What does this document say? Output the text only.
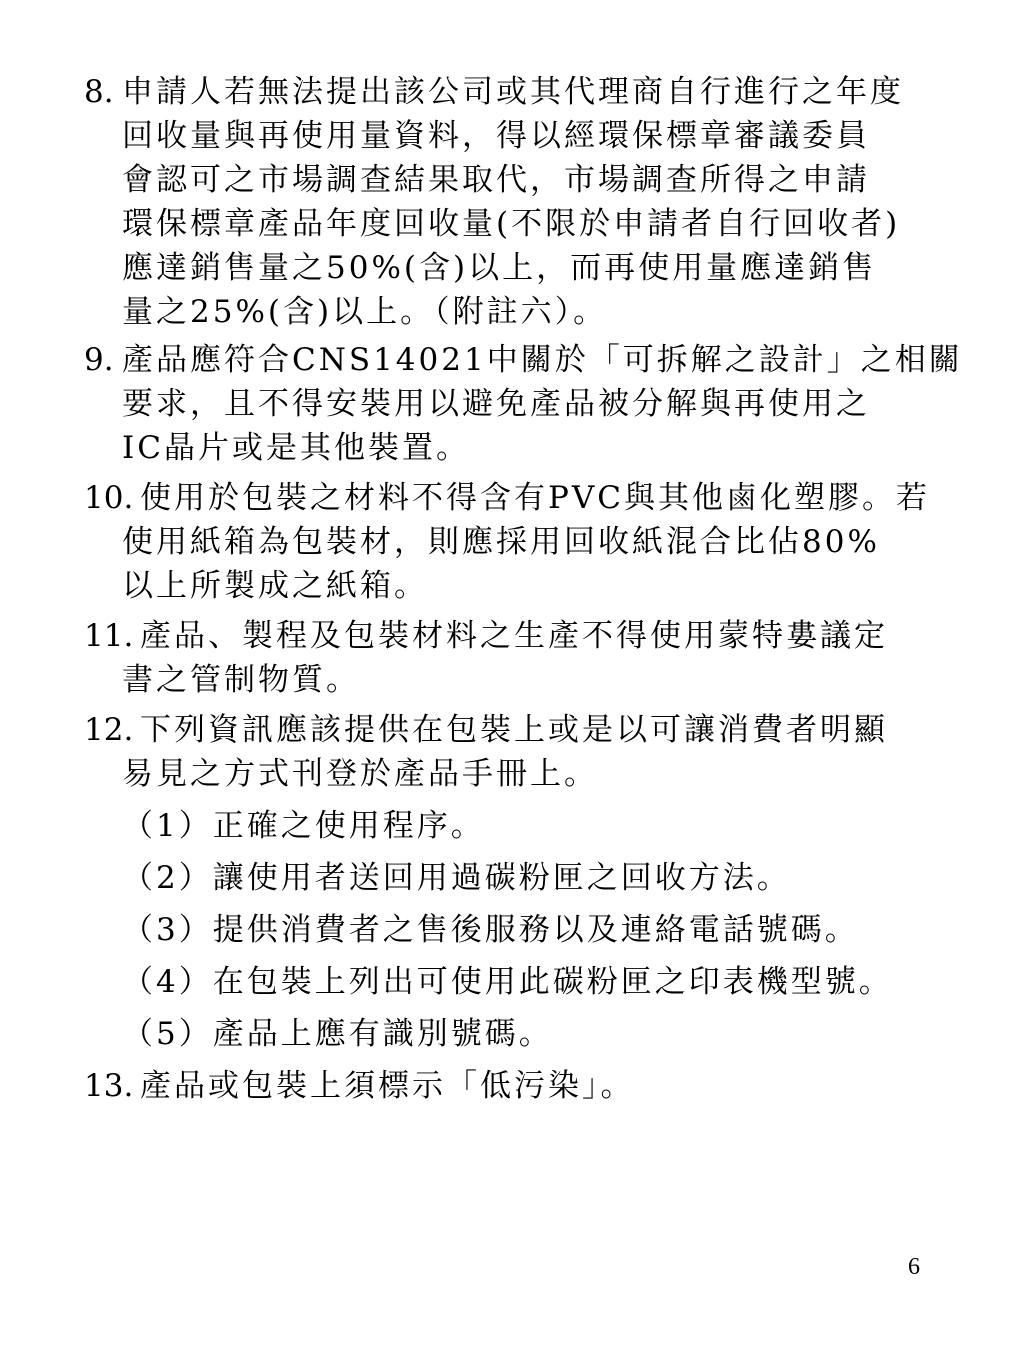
8. 申請人若無法提出該公司或其代理商自行進行之年度
回收量與再使用量資料，得以經環保標章審議委員
會認可之市場調查結果取代，市場調查所得之申請
環保標章產品年度回收量(不限於申請者自行回收者)
應達銷售量之50%(含)以上，而再使用量應達銷售
量之25%(含)以上。（附註六）。
9. 產品應符合CNS14021中關於「可拆解之設計」之相關
要求，且不得安裝用以避免產品被分解與再使用之
IC晶片或是其他裝置。
10. 使用於包裝之材料不得含有PVC與其他鹵化塑膠。若
使用紙箱為包裝材，則應採用回收紙混合比佔80%
以上所製成之紙箱。
11. 產品、製程及包裝材料之生產不得使用蒙特婁議定
書之管制物質。
12. 下列資訊應該提供在包裝上或是以可讓消費者明顯
易見之方式刊登於產品手冊上。
（1）正確之使用程序。
（2）讓使用者送回用過碳粉匣之回收方法。
（3）提供消費者之售後服務以及連絡電話號碼。
（4）在包裝上列出可使用此碳粉匣之印表機型號。
（5）產品上應有識別號碼。
13. 產品或包裝上須標示「低污染」。
6
